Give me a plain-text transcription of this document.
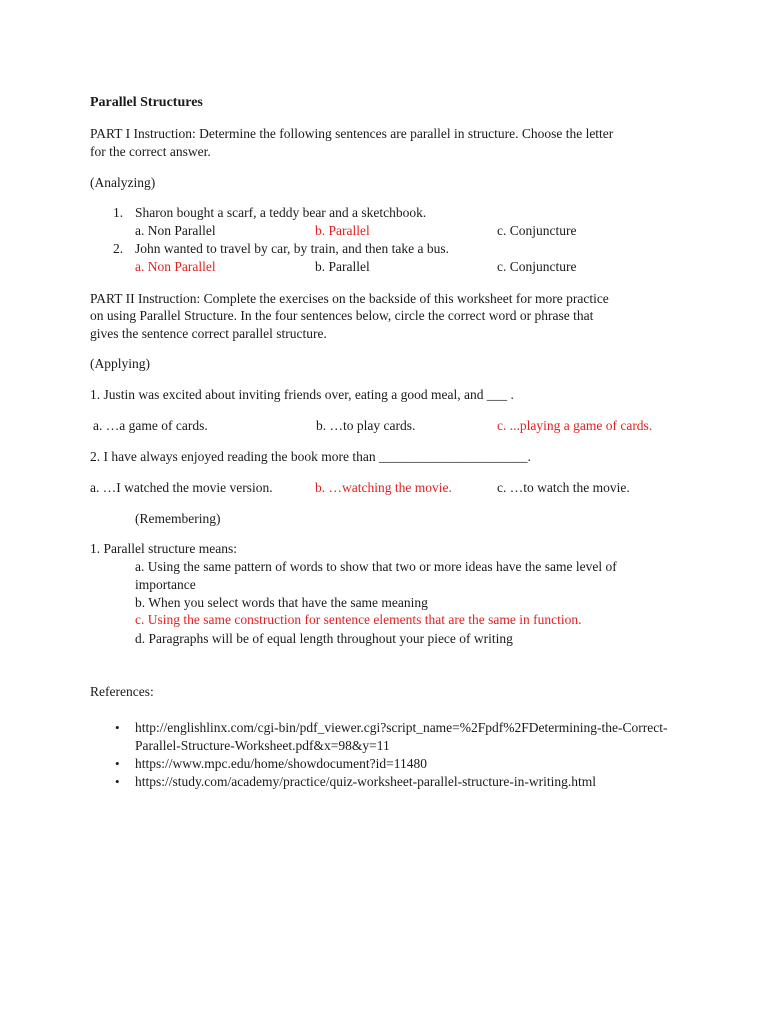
Parallel Structures
PART I Instruction: Determine the following sentences are parallel in structure. Choose the letter
for the correct answer.
(Analyzing)
1. Sharon bought a scarf, a teddy bear and a sketchbook.
a. Non Parallel	b. Parallel	c. Conjuncture
2. John wanted to travel by car, by train, and then take a bus.
a. Non Parallel	b. Parallel	c. Conjuncture
PART II Instruction: Complete the exercises on the backside of this worksheet for more practice
on using Parallel Structure. In the four sentences below, circle the correct word or phrase that
gives the sentence correct parallel structure.
(Applying)
1. Justin was excited about inviting friends over, eating a good meal, and ___ .
a. …a game of cards.	b. …to play cards.	c. ...playing a game of cards.
2. I have always enjoyed reading the book more than ______________________.
a. …I watched the movie version.	b. …watching the movie.	c. …to watch the movie.
(Remembering)
1. Parallel structure means:
a. Using the same pattern of words to show that two or more ideas have the same level of importance
b. When you select words that have the same meaning
c. Using the same construction for sentence elements that are the same in function.
d. Paragraphs will be of equal length throughout your piece of writing
References:
• http://englishlinx.com/cgi-bin/pdf_viewer.cgi?script_name=%2Fpdf%2FDetermining-the-Correct-Parallel-Structure-Worksheet.pdf&x=98&y=11
• https://www.mpc.edu/home/showdocument?id=11480
• https://study.com/academy/practice/quiz-worksheet-parallel-structure-in-writing.html
